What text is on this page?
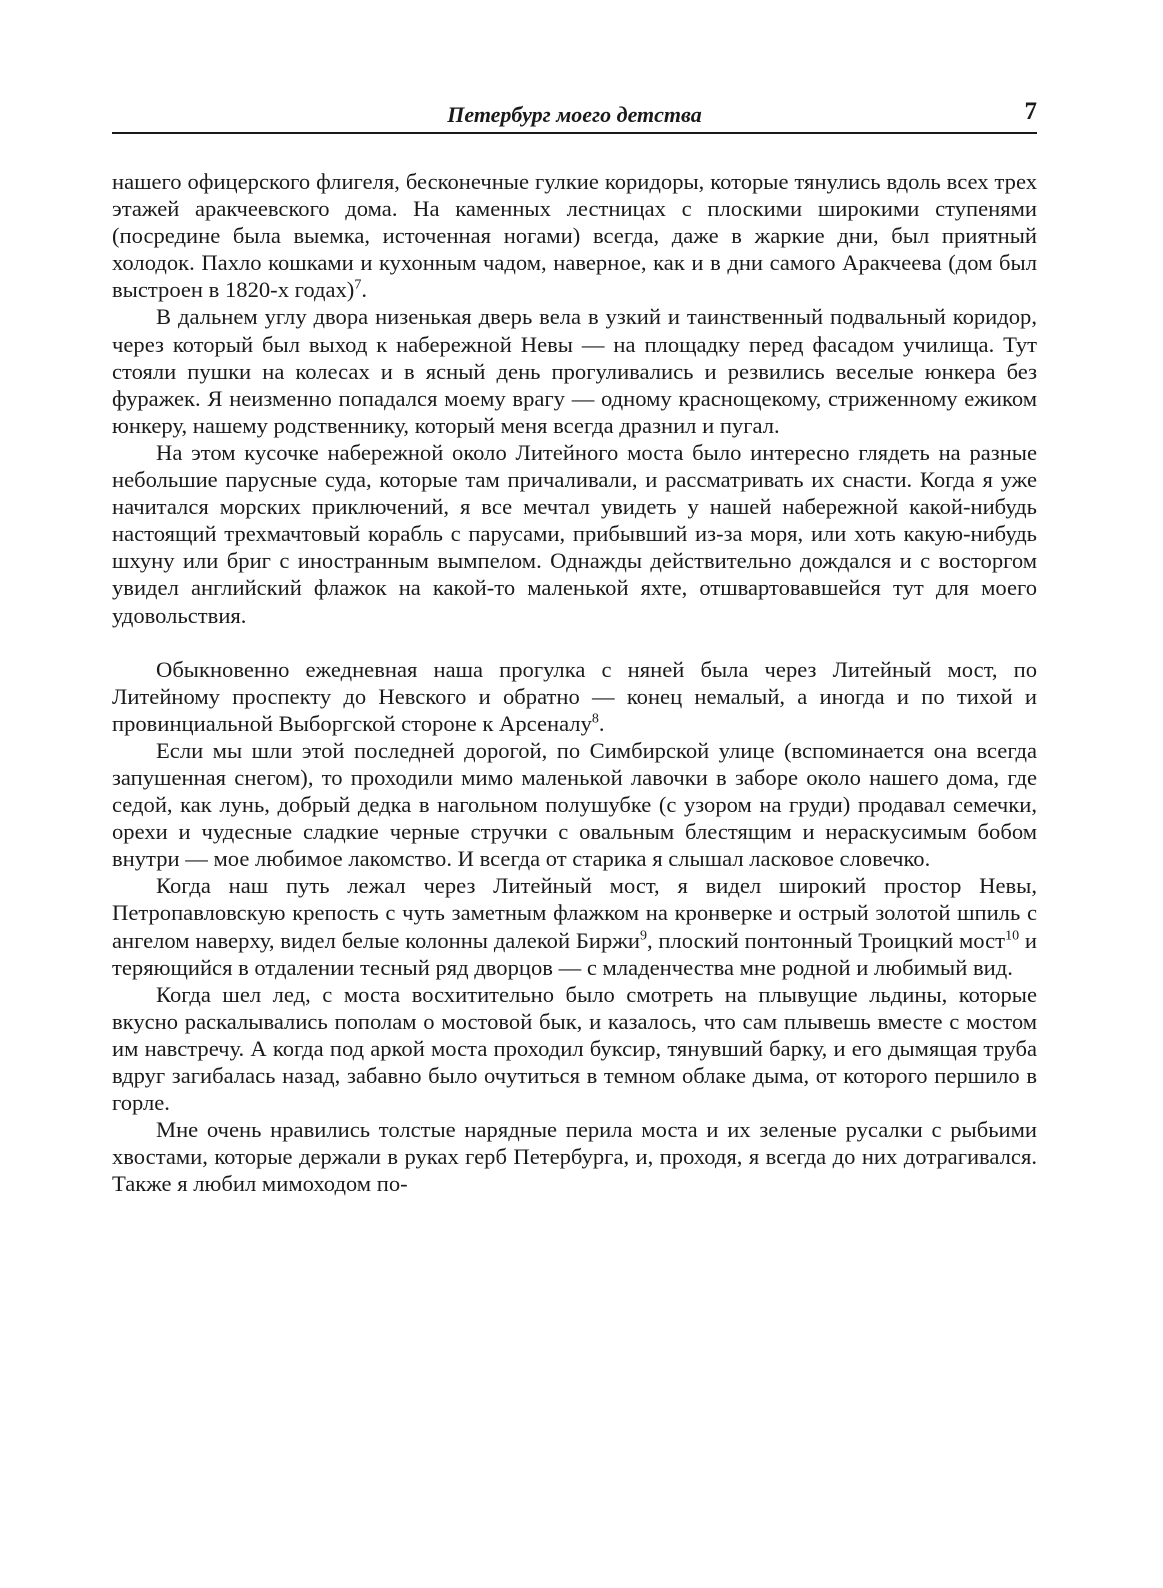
Петербург моего детства	7

нашего офицерского флигеля, бесконечные гулкие коридоры, которые тянулись вдоль всех трех этажей аракчеевского дома. На каменных лестницах с плоскими широкими ступенями (посредине была выемка, источенная ногами) всегда, даже в жаркие дни, был приятный холодок. Пахло кошками и кухонным чадом, наверное, как и в дни самого Аракчеева (дом был выстроен в 1820-х годах)$^7$.

В дальнем углу двора низенькая дверь вела в узкий и таинственный подвальный коридор, через который был выход к набережной Невы — на площадку перед фасадом училища. Тут стояли пушки на колесах и в ясный день прогуливались и резвились веселые юнкера без фуражек. Я неизменно попадался моему врагу — одному краснощекому, стриженному ежиком юнкеру, нашему родственнику, который меня всегда дразнил и пугал.

На этом кусочке набережной около Литейного моста было интересно глядеть на разные небольшие парусные суда, которые там причаливали, и рассматривать их снасти. Когда я уже начитался морских приключений, я все мечтал увидеть у нашей набережной какой-нибудь настоящий трехмачтовый корабль с парусами, прибывший из-за моря, или хоть какую-нибудь шхуну или бриг с иностранным вымпелом. Однажды действительно дождался и с восторгом увидел английский флажок на какой-то маленькой яхте, отшвартовавшейся тут для моего удовольствия.

Обыкновенно ежедневная наша прогулка с няней была через Литейный мост, по Литейному проспекту до Невского и обратно — конец немалый, а иногда и по тихой и провинциальной Выборгской стороне к Арсеналу$^8$.

Если мы шли этой последней дорогой, по Симбирской улице (вспоминается она всегда запушенная снегом), то проходили мимо маленькой лавочки в заборе около нашего дома, где седой, как лунь, добрый дедка в нагольном полушубке (с узором на груди) продавал семечки, орехи и чудесные сладкие черные стручки с овальным блестящим и нераскусимым бобом внутри — мое любимое лакомство. И всегда от старика я слышал ласковое словечко.

Когда наш путь лежал через Литейный мост, я видел широкий простор Невы, Петропавловскую крепость с чуть заметным флажком на кронверке и острый золотой шпиль с ангелом наверху, видел белые колонны далекой Биржи$^9$, плоский понтонный Троицкий мост$^{10}$ и теряющийся в отдалении тесный ряд дворцов — с младенчества мне родной и любимый вид.

Когда шел лед, с моста восхитительно было смотреть на плывущие льдины, которые вкусно раскалывались пополам о мостовой бык, и казалось, что сам плывешь вместе с мостом им навстречу. А когда под аркой моста проходил буксир, тянувший барку, и его дымящая труба вдруг загибалась назад, забавно было очутиться в темном облаке дыма, от которого першило в горле.

Мне очень нравились толстые нарядные перила моста и их зеленые русалки с рыбьими хвостами, которые держали в руках герб Петербурга, и, проходя, я всегда до них дотрагивался. Также я любил мимоходом по-
